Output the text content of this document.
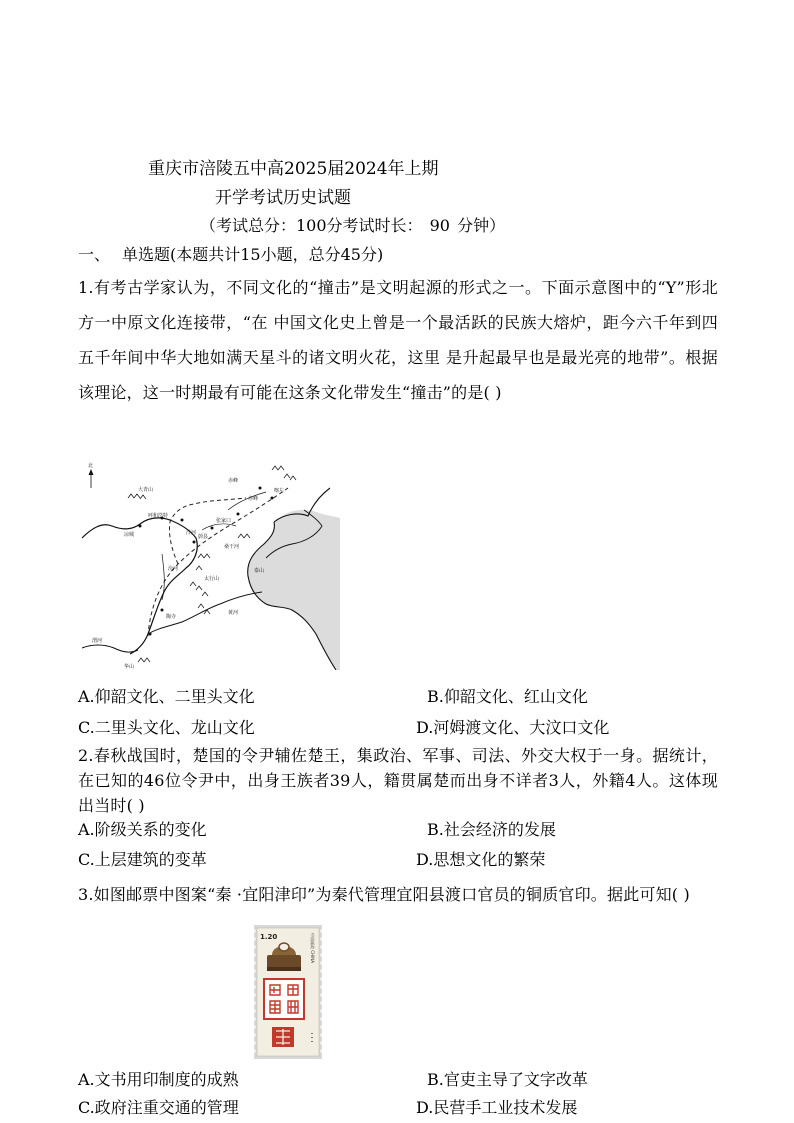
重庆市涪陵五中高2025届2024年上期
开学考试历史试题
（考试总分：100分考试时长： 90 分钟）
一、 单选题(本题共计15小题，总分45分)
1.有考古学家认为，不同文化的“撞击”是文明起源的形式之一。下面示意图中的“Y”形北方一中原文化连接带，“在 中国文化史上曾是一个最活跃的民族大熔炉，距今六千年到四五千年间中华大地如满天星斗的诸文明火花，这里 是升起最早也是最光亮的地带”。根据该理论，这一时期最有可能在这条文化带发生“撞击”的是( )
北
赤峰
大青山
呼和浩特
凉城
喀左
张家口
赤峰
蔚县
桑干河
洋河
汾河
太行山
陶寺
黄河
渭河
华山
泰山
A.仰韶文化、二里头文化	B.仰韶文化、红山文化
C.二里头文化、龙山文化	D.河姆渡文化、大汶口文化
2.春秋战国时，楚国的令尹辅佐楚王，集政治、军事、司法、外交大权于一身。据统计，在已知的46位令尹中，出身王族者39人，籍贯属楚而出身不详者3人，外籍4人。这体现出当时( )
A.阶级关系的变化	B.社会经济的发展
C.上层建筑的变革	D.思想文化的繁荣
3.如图邮票中图案“秦 ·宜阳津印”为秦代管理宜阳县渡口官员的铜质官印。据此可知( )
1.20	中国邮政 CHINA
A.文书用印制度的成熟	B.官吏主导了文字改革
C.政府注重交通的管理	D.民营手工业技术发展
